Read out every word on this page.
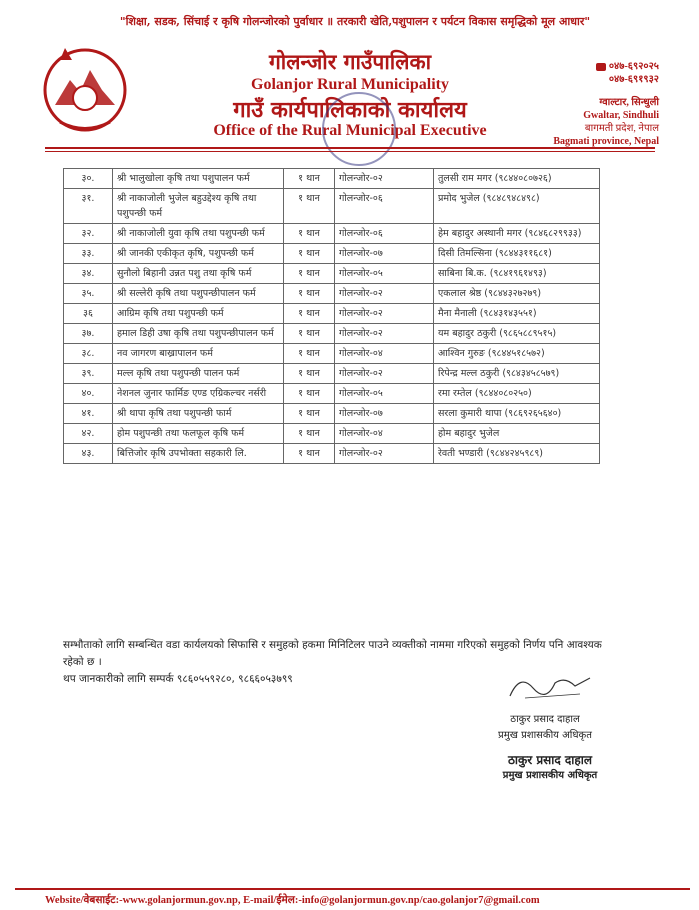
"शिक्षा, सडक, सिंचाई र कृषि गोलन्जोरको पुर्वाधार ॥ तरकारी खेति,पशुपालन र पर्यटन विकास समृद्धिको मूल आधार"
गोलन्जोर गाउँपालिका
Golanjor Rural Municipality
गाउँ कार्यपालिकाको कार्यालय
Office of the Rural Municipal Executive
०४७-६९२०२५
०४७-६९१९३२
ग्वाल्टार, सिन्धुली
Gwaltar, Sindhuli
बागमती प्रदेश, नेपाल
Bagmati province, Nepal
३०.	श्री भालुखोला कृषि तथा पशुपालन फर्म	१ थान	गोलन्जोर-०२	तुलसी राम मगर (९८४४०८०७२६)
३१.	श्री नाकाजोली भुजेल बहुउद्देश्य कृषि तथा पशुपन्छी फर्म	१ थान	गोलन्जोर-०६	प्रमोद भुजेल (९८४८९४८४९८)
३२.	श्री नाकाजोली युवा कृषि तथा पशुपन्छी फर्म	१ थान	गोलन्जोर-०६	हेम बहादुर अस्थानी मगर (९८४६८२९९३३)
३३.	श्री जानकी एकीकृत कृषि, पशुपन्छी फर्म	१ थान	गोलन्जोर-०७	दिसी तिमल्सिना (९८४४३११६८१)
३४.	सुनौलो बिहानी उन्नत पशु तथा कृषि फर्म	१ थान	गोलन्जोर-०५	साबिना बि.क. (९८४१९६१४९३)
३५.	श्री सल्लेरी कृषि तथा पशुपन्छीपालन फर्म	१ थान	गोलन्जोर-०२	एकलाल श्रेष्ठ (९८४४३२७२७९)
३६	आग्रिम कृषि तथा पशुपन्छी फर्म	१ थान	गोलन्जोर-०२	मैना मैनाली (९८४३१४३५५१)
३७.	हमाल डिही उषा कृषि तथा पशुपन्छीपालन फर्म	१ थान	गोलन्जोर-०२	यम बहादुर ठकुरी (९८६५८८९५१५)
३८.	नव जागरण बाख्रापालन फर्म	१ थान	गोलन्जोर-०४	आश्विन गुरुङ (९८४४५१८५७२)
३९.	मल्ल कृषि तथा पशुपन्छी पालन फर्म	१ थान	गोलन्जोर-०२	रिपेन्द्र मल्ल ठकुरी (९८४३४५८५७९)
४०.	नेशनल जुनार फार्मिङ एण्ड एग्रिकल्चर नर्सरी	१ थान	गोलन्जोर-०५	रमा रम्तेल (९८४४०८०२५०)
४१.	श्री थापा कृषि तथा पशुपन्छी फार्म	१ थान	गोलन्जोर-०७	सरला कुमारी थापा (९८६९२६५६४०)
४२.	होम पशुपन्छी तथा फलफूल कृषि फर्म	१ थान	गोलन्जोर-०४	होम बहादुर भुजेल
४३.	बित्तिजोर कृषि उपभोक्ता सहकारी लि.	१ थान	गोलन्जोर-०२	रेवती भण्डारी (९८४४२४५९८९)
सम्भौताको लागि सम्बन्धित वडा कार्यलयको सिफासि र समुहको हकमा मिनिटिलर पाउने व्यक्तीको नाममा गरिएको समुहको निर्णय पनि आवश्यक रहेको छ ।
थप जानकारीको लागि सम्पर्क ९८६०५५९२८०, ९८६६०५३७९९
ठाकुर प्रसाद दाहाल
प्रमुख प्रशासकीय अधिकृत
ठाकुर प्रसाद दाहाल
प्रमुख प्रशासकीय अधिकृत
Website/वेबसाईट:-www.golanjormun.gov.np, E-mail/ईमेल:-info@golanjormun.gov.np/cao.golanjor7@gmail.com
